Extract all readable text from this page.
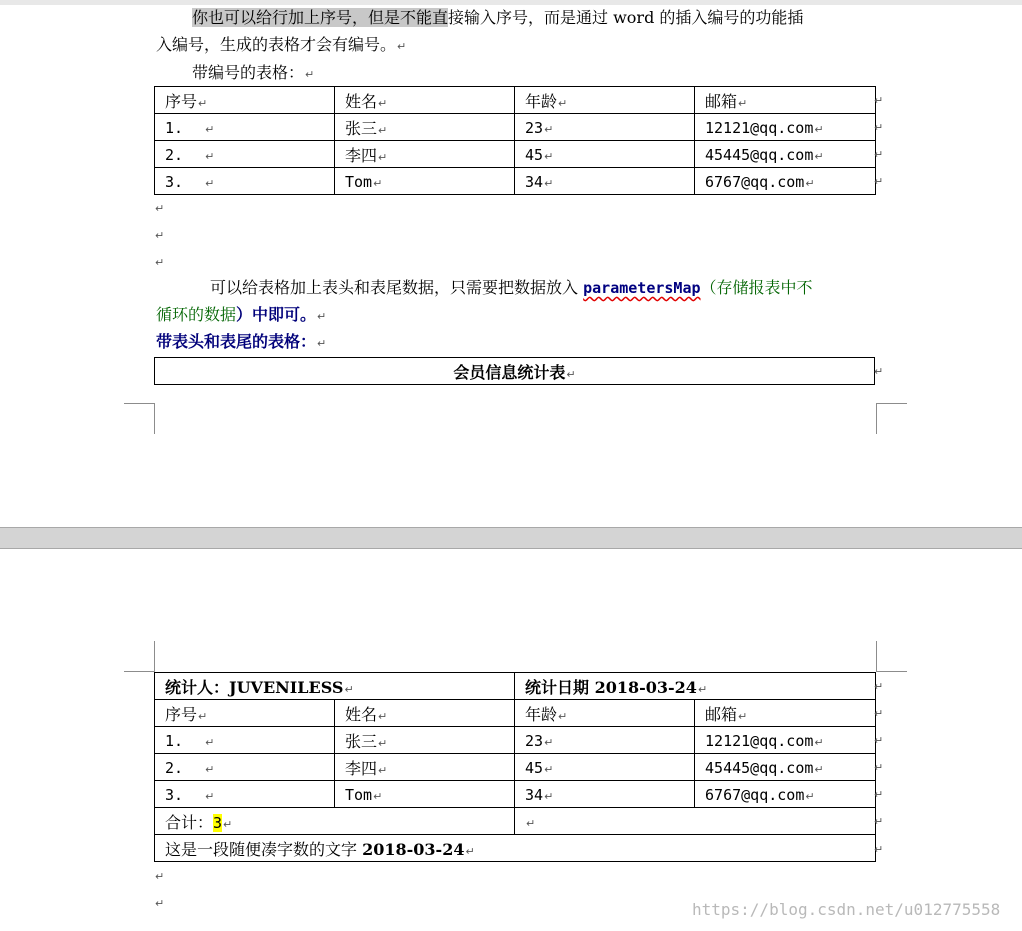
你也可以给行加上序号，但是不能直接输入序号，而是通过 word 的插入编号的功能插
入编号，生成的表格才会有编号。↵
带编号的表格：↵
序号↵	姓名↵	年龄↵	邮箱↵
1. ↵	张三↵	23↵	12121@qq.com↵
2. ↵	李四↵	45↵	45445@qq.com↵
3. ↵	Tom↵	34↵	6767@qq.com↵
↵
↵
↵
↵
↵
↵
↵
可以给表格加上表头和表尾数据，只需要把数据放入 parametersMap（存储报表中不
循环的数据）中即可。↵
带表头和表尾的表格：↵
会员信息统计表↵	↵
统计人：JUVENILESS↵		统计日期 2018-03-24↵	
序号↵	姓名↵	年龄↵	邮箱↵
1. ↵	张三↵	23↵	12121@qq.com↵
2. ↵	李四↵	45↵	45445@qq.com↵
3. ↵	Tom↵	34↵	6767@qq.com↵
合计：3↵		↵	
这是一段随便凑字数的文字 2018-03-24↵			
↵
↵
↵
↵
↵
↵
↵
↵
↵	https://blog.csdn.net/u012775558
